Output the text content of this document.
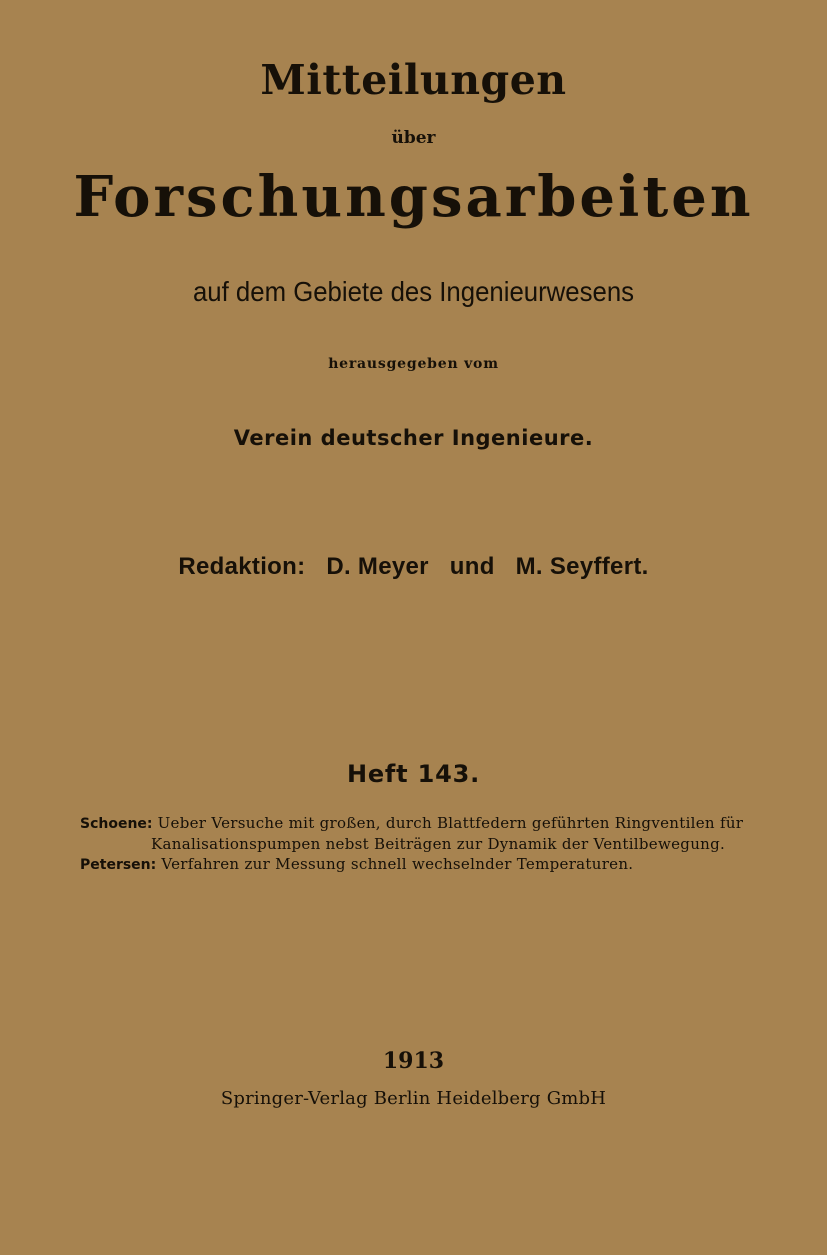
Mitteilungen
über
Forschungsarbeiten
auf dem Gebiete des Ingenieurwesens
herausgegeben vom
Verein deutscher Ingenieure.
Redaktion: D. Meyer und M. Seyffert.
Heft 143.
Schoene: Ueber Versuche mit großen, durch Blattfedern geführten Ringventilen für
Kanalisationspumpen nebst Beiträgen zur Dynamik der Ventilbewegung.
Petersen: Verfahren zur Messung schnell wechselnder Temperaturen.
1913
Springer-Verlag Berlin Heidelberg GmbH
